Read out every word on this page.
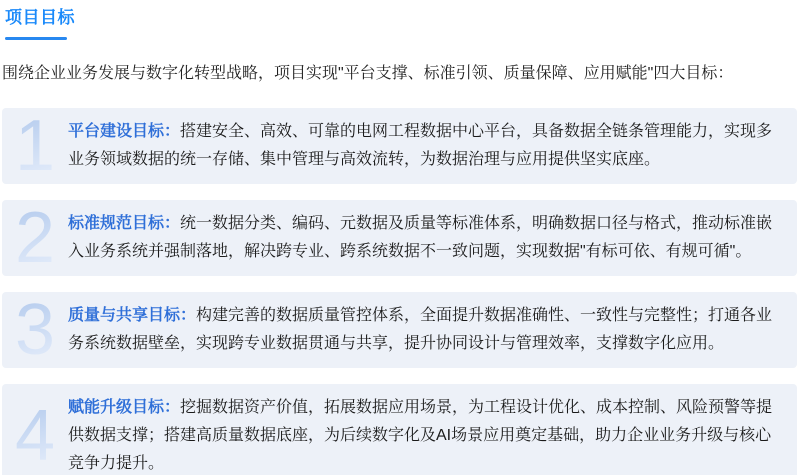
项目目标

围绕企业业务发展与数字化转型战略，项目实现"平台支撑、标准引领、质量保障、应用赋能"四大目标：

1 平台建设目标：搭建安全、高效、可靠的电网工程数据中心平台，具备数据全链条管理能力，实现多业务领域数据的统一存储、集中管理与高效流转，为数据治理与应用提供坚实底座。

2 标准规范目标：统一数据分类、编码、元数据及质量等标准体系，明确数据口径与格式，推动标准嵌入业务系统并强制落地，解决跨专业、跨系统数据不一致问题，实现数据"有标可依、有规可循"。

3 质量与共享目标：构建完善的数据质量管控体系，全面提升数据准确性、一致性与完整性；打通各业务系统数据壁垒，实现跨专业数据贯通与共享，提升协同设计与管理效率，支撑数字化应用。

4 赋能升级目标：挖掘数据资产价值，拓展数据应用场景，为工程设计优化、成本控制、风险预警等提供数据支撑；搭建高质量数据底座，为后续数字化及AI场景应用奠定基础，助力企业业务升级与核心竞争力提升。
